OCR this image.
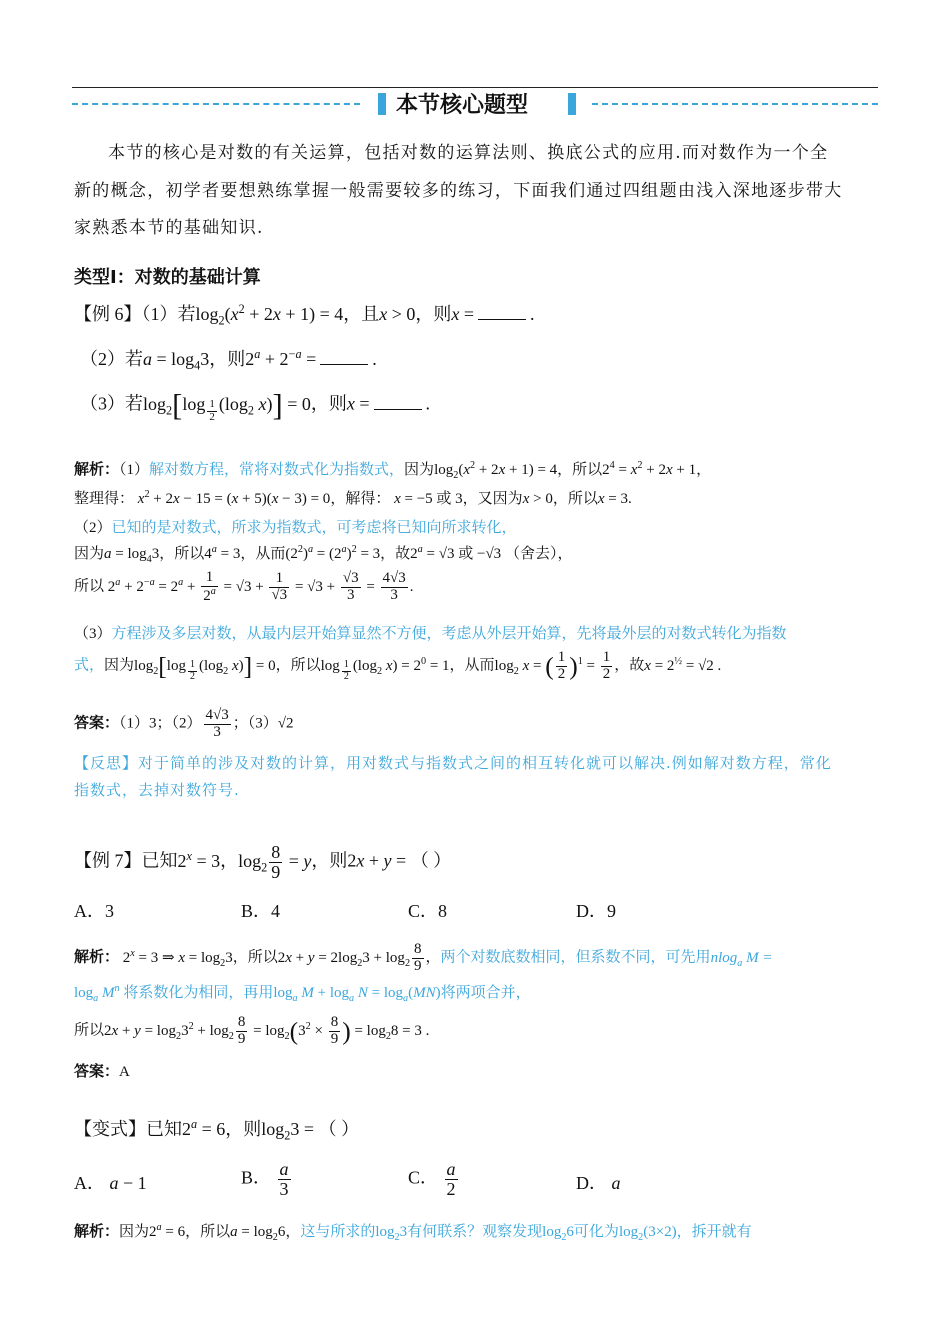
本节核心题型
本节的核心是对数的有关运算，包括对数的运算法则、换底公式的应用.而对数作为一个全
新的概念，初学者要想熟练掌握一般需要较多的练习，下面我们通过四组题由浅入深地逐步带大
家熟悉本节的基础知识.
类型Ⅰ：对数的基础计算
【例 6】（1）若$\log_2(x^2 + 2x + 1) = 4$，且x > 0，则x =	.
（2）若$a = \log_43$，则$2^a + 2^{-a}$ =	.
（3）若$\log_2[\log$ $_{\frac{1}{2}}$ ($\log_2$ x)] = 0，则x =	.
解析：（1）解对数方程，常将对数式化为指数式，因为$\log_2(x^2 + 2x + 1) = 4$，所以$2^4 = x^2 + 2x + 1$，
整理得： $x^2 + 2x - 15 = (x + 5)(x - 3) = 0$，解得： x = −5 或 3，又因为x > 0，所以x = 3.
（2）已知的是对数式，所求为指数式，可考虑将已知向所求转化，
因为$a = \log_43$，所以$4^a = 3$，从而$(2^2)^a = (2^a)^2 = 3$，故$2^a = √3$ 或 −√3 （舍去），
所以 $2^a + 2^{-a} = 2^a + \frac{1}{2^a} = √3 + \frac{1}{√3} = √3 + \frac{√3}{3} = \frac{4√3}{3}$ .
（3）方程涉及多层对数，从最内层开始算显然不方便，考虑从外层开始算，先将最外层的对数式转化为指数
式，因为$\log_2[\log$ $_{\frac{1}{2}}$ ($\log_2$ x)] = 0，所以log $_{\frac{1}{2}}$ ($\log_2$ $x) = 2^0 = 1$，从而$\log_2 x$ = ( $\frac{1}{2} )^1 = \frac{1}{2}$ ，故$x = 2^{\frac{1}{2}} = √2$ .
答案：（1）3；$(2) \frac{4√3}{3}$ ；（3）√2
【反思】对于简单的涉及对数的计算，用对数式与指数式之间的相互转化就可以解决.例如解对数方程，常化
指数式，去掉对数符号.
【例 7】已知$2^x = 3$，$\log_2 \frac{8}{9} = y$，则2x + y = （ ）
A．3	B．4	C．8	D．9
解析： $2^x = 3$ ⇒ $x = \log_23$，所以$2x + y = 2\log_23 + \log_2 \frac{8}{9}$ ，两个对数底数相同，但系数不同，可先用nlog$_a$ M =
$\log_a M^n$ 将系数化为相同，再用$\log_a M + \log_a N = \log_a(MN)$将两项合并，
所以$2x + y = \log_23^2 + \log_2 \frac{8}{9} = \log_2(3^2 \times \frac{8}{9}$ ) = $\log_28 = 3$ .
答案：A
【变式】已知$2^a = 6$，则$\log_23$ = （ ）
A． a − 1	B． $\frac{a}{3}$	C． $\frac{a}{2}$	D． a
解析：因为$2^a = 6$，所以$a = \log_26$，这与所求的$\log_23$有何联系？观察发现$\log_26$可化为$\log_2(3\times 2)$，拆开就有
